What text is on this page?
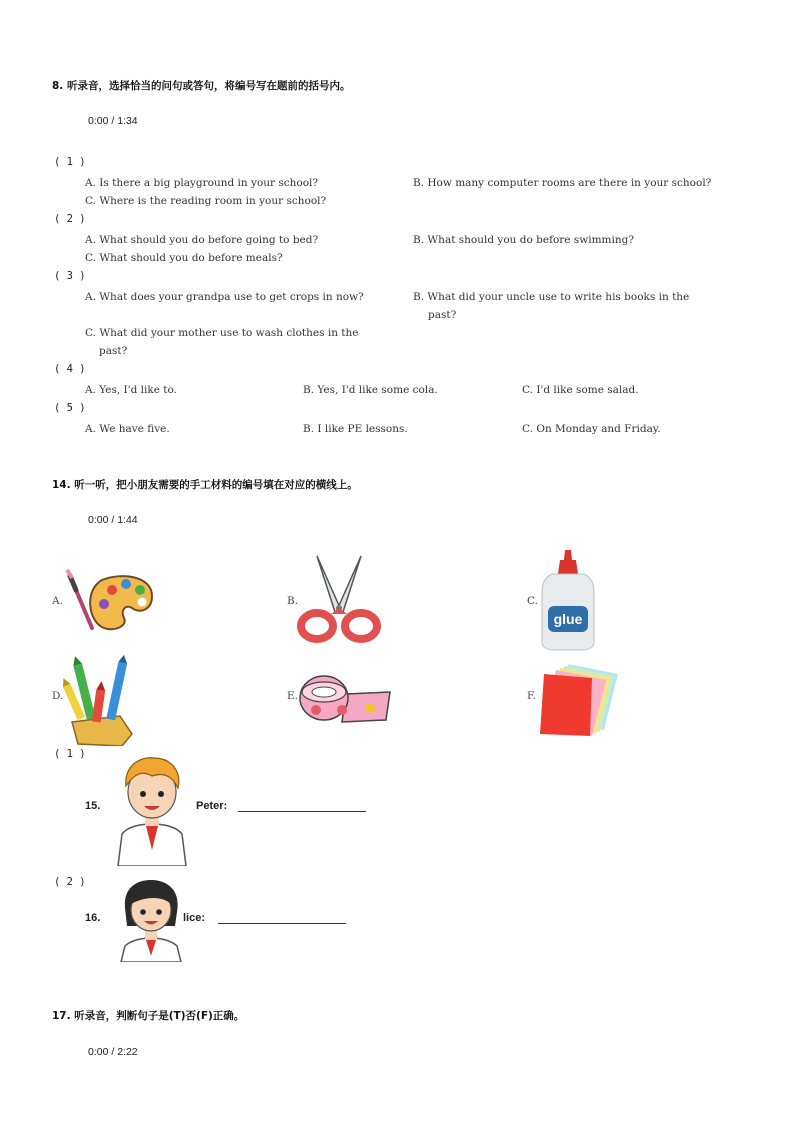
8. 听录音，选择恰当的问句或答句，将编号写在题前的括号内。
0:00 / 1:34
( 1 )
A. Is there a big playground in your school?	B. How many computer rooms are there in your school?
C. Where is the reading room in your school?
( 2 )
A. What should you do before going to bed?	B. What should you do before swimming?
C. What should you do before meals?
( 3 )
A. What does your grandpa use to get crops in now?	B. What did your uncle use to write his books in the
past?
C. What did your mother use to wash clothes in the
past?
( 4 )
A. Yes, I'd like to.	B. Yes, I'd like some cola.	C. I'd like some salad.
( 5 )
A. We have five.	B. I like PE lessons.	C. On Monday and Friday.
14. 听一听，把小朋友需要的手工材料的编号填在对应的横线上。
0:00 / 1:44
A.	B.	C.
glue
D.	E.	F.
( 1 )
15.	Peter:
( 2 )
16.	lice:
17. 听录音，判断句子是(T)否(F)正确。
0:00 / 2:22
